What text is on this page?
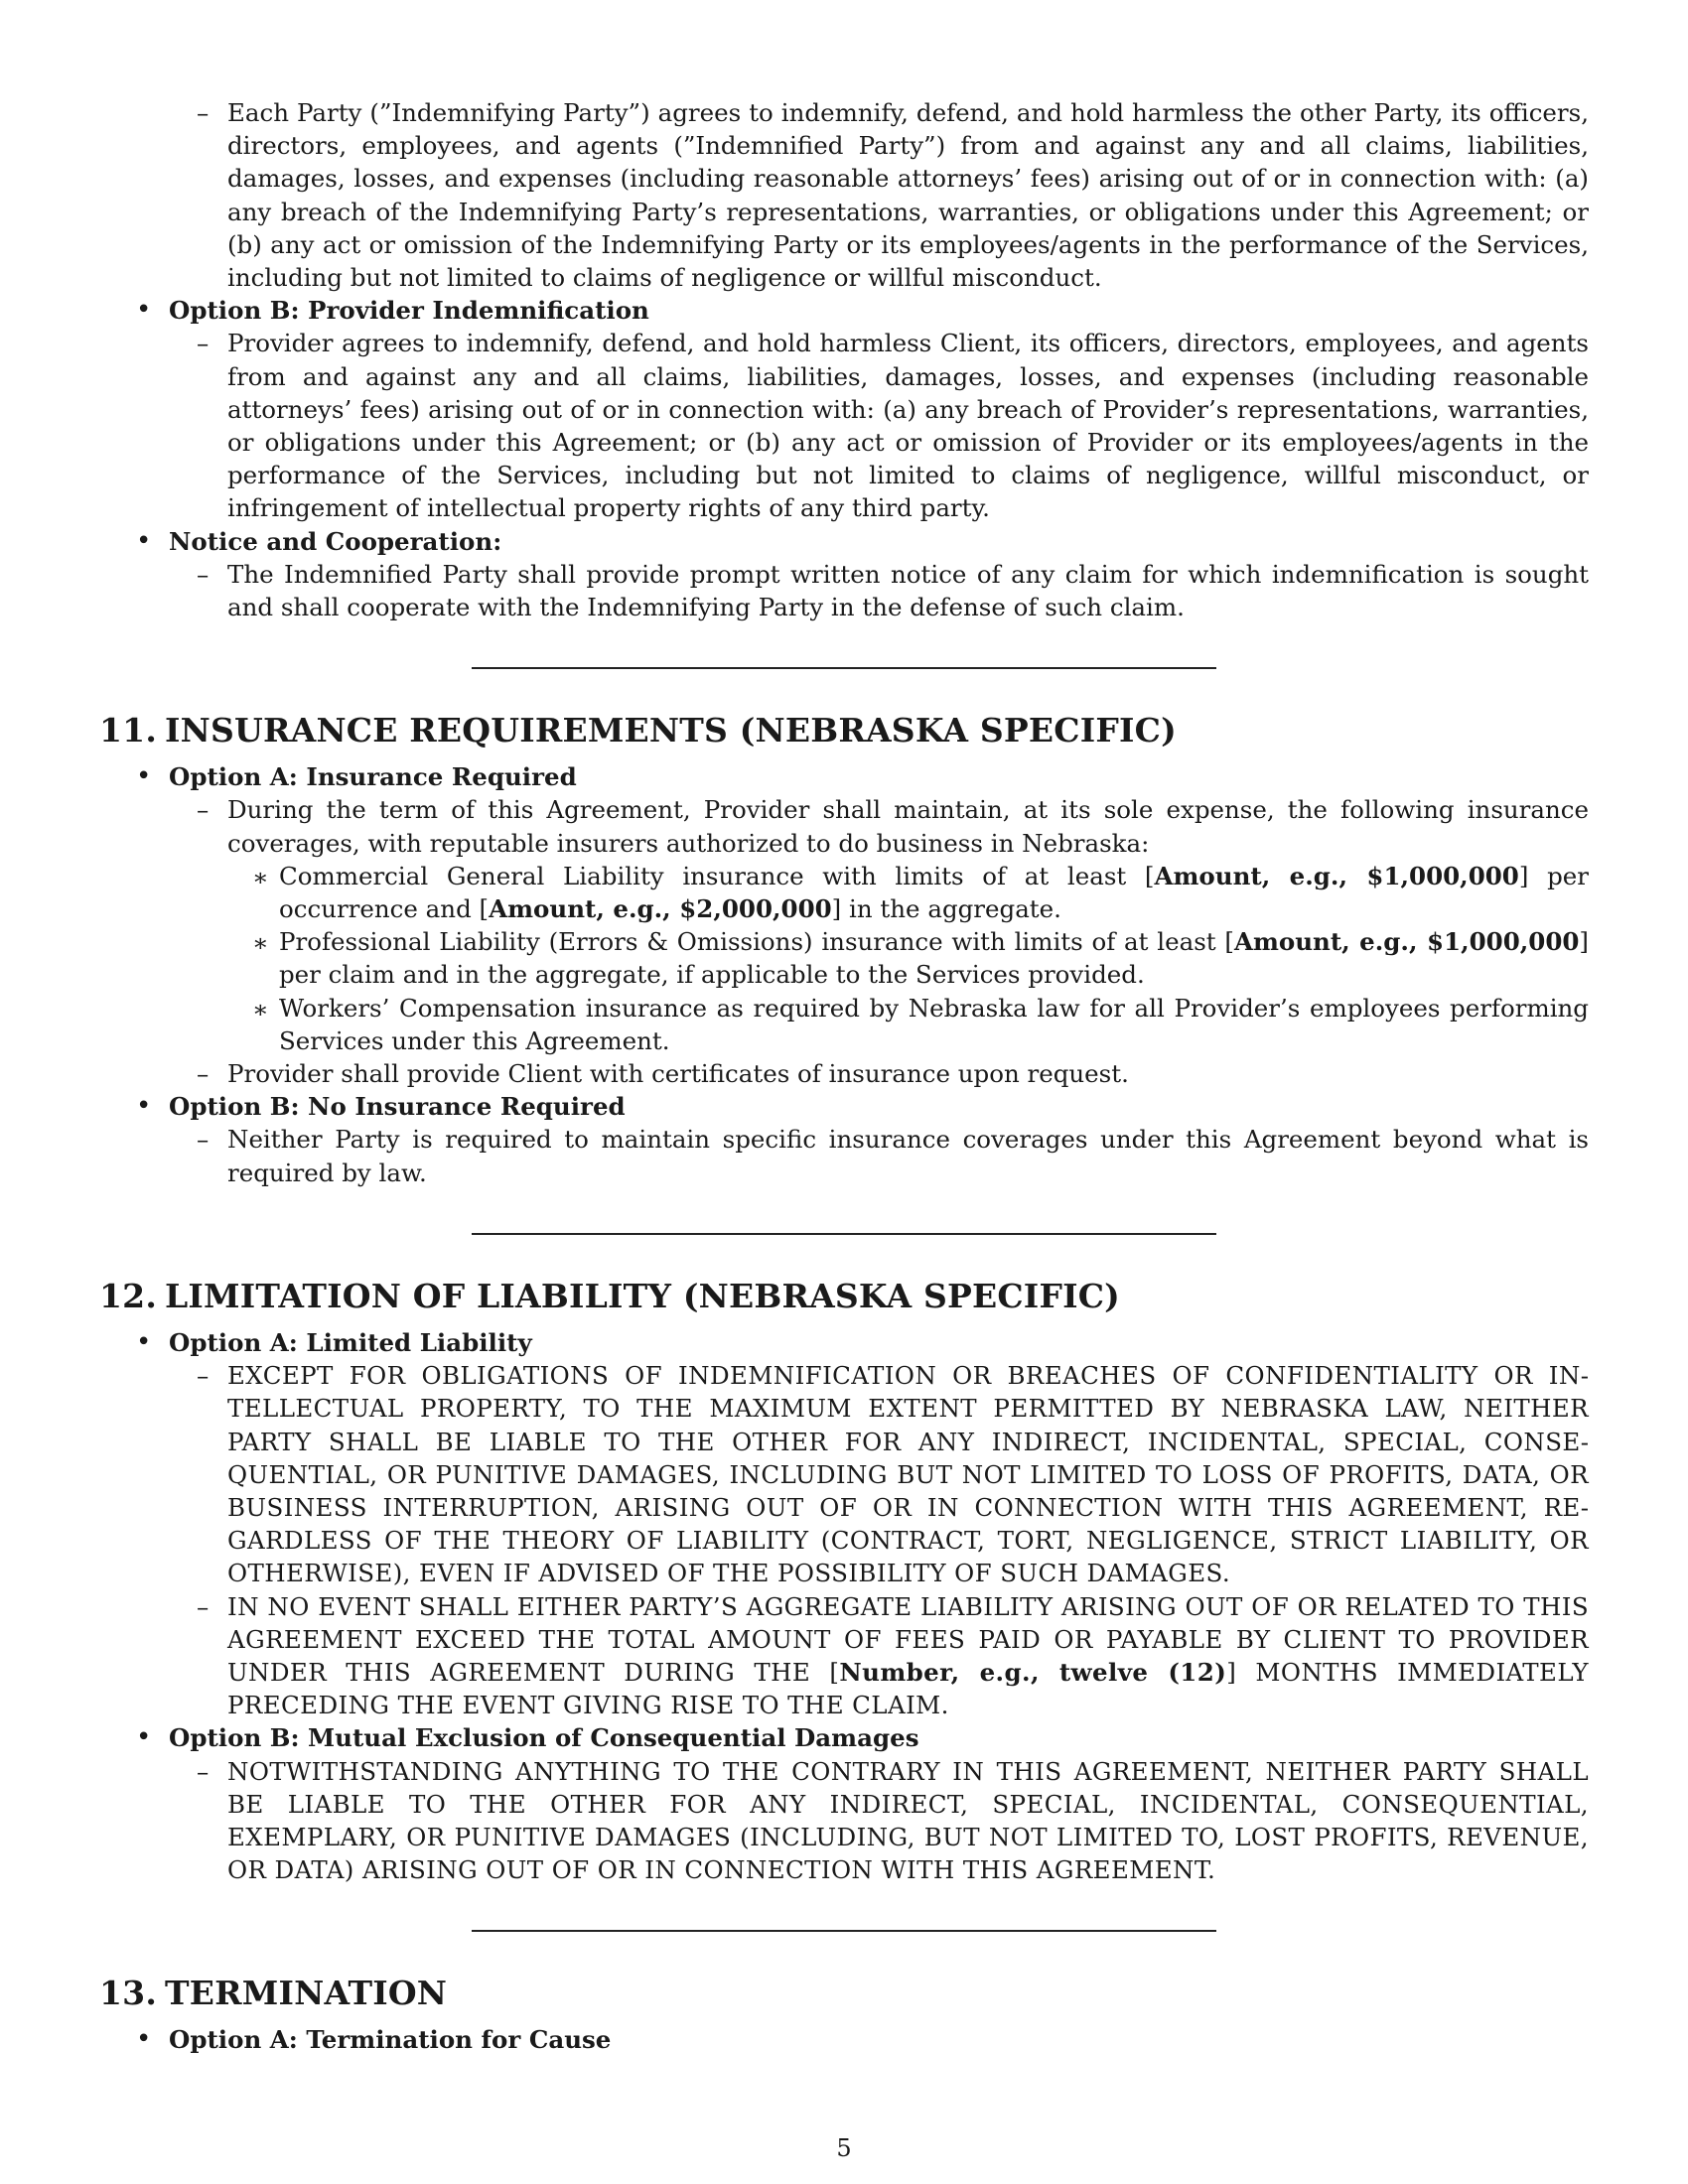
– Each Party (”Indemnifying Party”) agrees to indemnify, defend, and hold harmless the other Party, its officers, directors, employees, and agents (”Indemnified Party”) from and against any and all claims, liabilities, damages, losses, and expenses (including reasonable attorneys’ fees) arising out of or in connection with: (a) any breach of the Indemnifying Party’s representations, warranties, or obligations under this Agreement; or (b) any act or omission of the Indemnifying Party or its employees/agents in the performance of the Services, including but not limited to claims of negligence or willful misconduct.
• Option B: Provider Indemnification
– Provider agrees to indemnify, defend, and hold harmless Client, its officers, directors, employees, and agents from and against any and all claims, liabilities, damages, losses, and expenses (including reasonable attorneys’ fees) arising out of or in connection with: (a) any breach of Provider’s representations, warranties, or obligations under this Agreement; or (b) any act or omission of Provider or its employees/agents in the performance of the Services, including but not limited to claims of negligence, willful misconduct, or infringement of intellectual property rights of any third party.
• Notice and Cooperation:
– The Indemnified Party shall provide prompt written notice of any claim for which indemnification is sought and shall cooperate with the Indemnifying Party in the defense of such claim.
11. INSURANCE REQUIREMENTS (NEBRASKA SPECIFIC)
• Option A: Insurance Required
– During the term of this Agreement, Provider shall maintain, at its sole expense, the following insurance coverages, with reputable insurers authorized to do business in Nebraska:
∗ Commercial General Liability insurance with limits of at least [Amount, e.g., $1,000,000] per occurrence and [Amount, e.g., $2,000,000] in the aggregate.
∗ Professional Liability (Errors & Omissions) insurance with limits of at least [Amount, e.g., $1,000,000] per claim and in the aggregate, if applicable to the Services provided.
∗ Workers’ Compensation insurance as required by Nebraska law for all Provider’s employees performing Services under this Agreement.
– Provider shall provide Client with certificates of insurance upon request.
• Option B: No Insurance Required
– Neither Party is required to maintain specific insurance coverages under this Agreement beyond what is required by law.
12. LIMITATION OF LIABILITY (NEBRASKA SPECIFIC)
• Option A: Limited Liability
– EXCEPT FOR OBLIGATIONS OF INDEMNIFICATION OR BREACHES OF CONFIDENTIALITY OR INTELLECTUAL PROPERTY, TO THE MAXIMUM EXTENT PERMITTED BY NEBRASKA LAW, NEITHER PARTY SHALL BE LIABLE TO THE OTHER FOR ANY INDIRECT, INCIDENTAL, SPECIAL, CONSEQUENTIAL, OR PUNITIVE DAMAGES, INCLUDING BUT NOT LIMITED TO LOSS OF PROFITS, DATA, OR BUSINESS INTERRUPTION, ARISING OUT OF OR IN CONNECTION WITH THIS AGREEMENT, REGARDLESS OF THE THEORY OF LIABILITY (CONTRACT, TORT, NEGLIGENCE, STRICT LIABILITY, OR OTHERWISE), EVEN IF ADVISED OF THE POSSIBILITY OF SUCH DAMAGES.
– IN NO EVENT SHALL EITHER PARTY’S AGGREGATE LIABILITY ARISING OUT OF OR RELATED TO THIS AGREEMENT EXCEED THE TOTAL AMOUNT OF FEES PAID OR PAYABLE BY CLIENT TO PROVIDER UNDER THIS AGREEMENT DURING THE [Number, e.g., twelve (12)] MONTHS IMMEDIATELY PRECEDING THE EVENT GIVING RISE TO THE CLAIM.
• Option B: Mutual Exclusion of Consequential Damages
– NOTWITHSTANDING ANYTHING TO THE CONTRARY IN THIS AGREEMENT, NEITHER PARTY SHALL BE LIABLE TO THE OTHER FOR ANY INDIRECT, SPECIAL, INCIDENTAL, CONSEQUENTIAL, EXEMPLARY, OR PUNITIVE DAMAGES (INCLUDING, BUT NOT LIMITED TO, LOST PROFITS, REVENUE, OR DATA) ARISING OUT OF OR IN CONNECTION WITH THIS AGREEMENT.
13. TERMINATION
• Option A: Termination for Cause
5
